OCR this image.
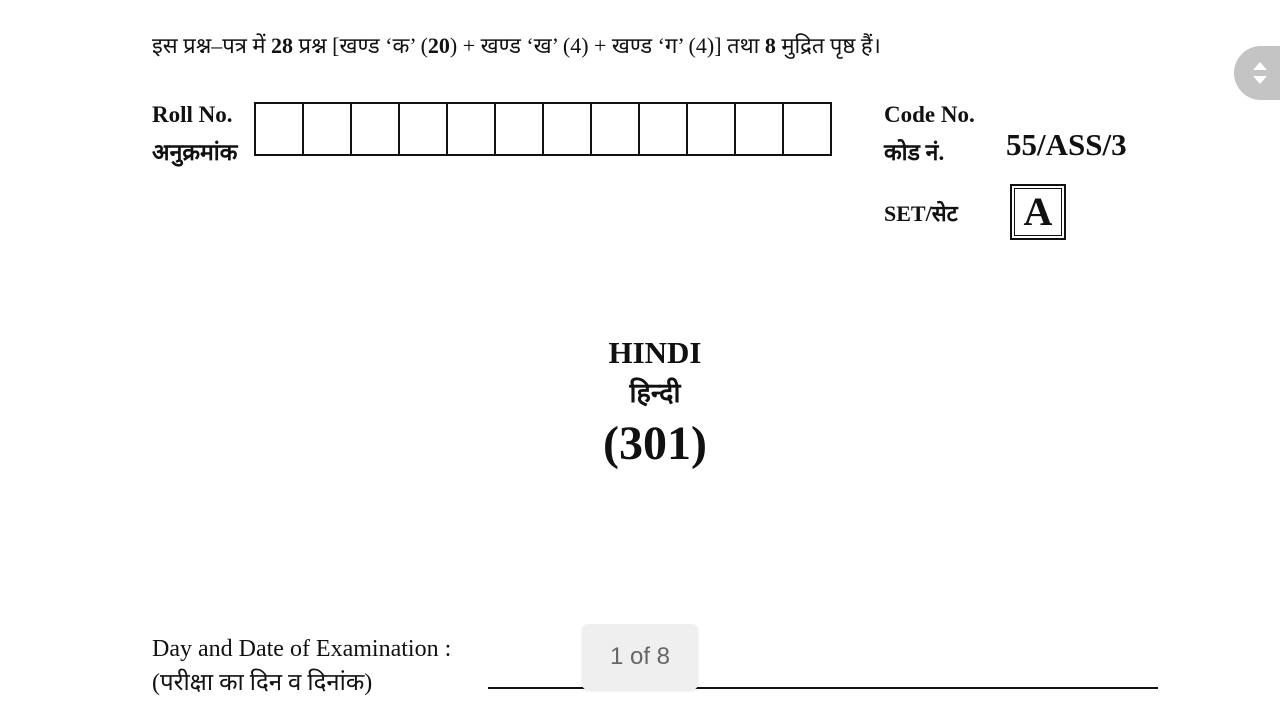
इस प्रश्न–पत्र में 28 प्रश्न [खण्ड ‘क’ (20) + खण्ड ‘ख’ (4) + खण्ड ‘ग’ (4)] तथा 8 मुद्रित पृष्ठ हैं।
Roll No.
अनुक्रमांक
Code No.
कोड नं.	55/ASS/3
SET/सेट	A
HINDI
हिन्दी
(301)
Day and Date of Examination :
(परीक्षा का दिन व दिनांक)
1 of 8
